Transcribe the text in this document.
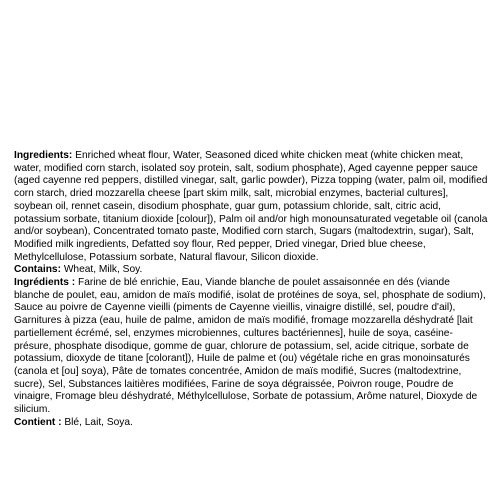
Ingredients: Enriched wheat flour, Water, Seasoned diced white chicken meat (white chicken meat, water, modified corn starch, isolated soy protein, salt, sodium phosphate), Aged cayenne pepper sauce (aged cayenne red peppers, distilled vinegar, salt, garlic powder), Pizza topping (water, palm oil, modified corn starch, dried mozzarella cheese [part skim milk, salt, microbial enzymes, bacterial cultures], soybean oil, rennet casein, disodium phosphate, guar gum, potassium chloride, salt, citric acid, potassium sorbate, titanium dioxide [colour]), Palm oil and/or high monounsaturated vegetable oil (canola and/or soybean), Concentrated tomato paste, Modified corn starch, Sugars (maltodextrin, sugar), Salt, Modified milk ingredients, Defatted soy flour, Red pepper, Dried vinegar, Dried blue cheese, Methylcellulose, Potassium sorbate, Natural flavour, Silicon dioxide.

Contains: Wheat, Milk, Soy.

Ingrédients : Farine de blé enrichie, Eau, Viande blanche de poulet assaisonnée en dés (viande blanche de poulet, eau, amidon de maïs modifié, isolat de protéines de soya, sel, phosphate de sodium), Sauce au poivre de Cayenne vieilli (piments de Cayenne vieillis, vinaigre distillé, sel, poudre d'ail), Garnitures à pizza (eau, huile de palme, amidon de maïs modifié, fromage mozzarella déshydraté [lait partiellement écrémé, sel, enzymes microbiennes, cultures bactériennes], huile de soya, caséine-présure, phosphate disodique, gomme de guar, chlorure de potassium, sel, acide citrique, sorbate de potassium, dioxyde de titane [colorant]), Huile de palme et (ou) végétale riche en gras monoinsaturés (canola et [ou] soya), Pâte de tomates concentrée, Amidon de maïs modifié, Sucres (maltodextrine, sucre), Sel, Substances laitières modifiées, Farine de soya dégraissée, Poivron rouge, Poudre de vinaigre, Fromage bleu déshydraté, Méthylcellulose, Sorbate de potassium, Arôme naturel, Dioxyde de silicium.

Contient : Blé, Lait, Soya.
